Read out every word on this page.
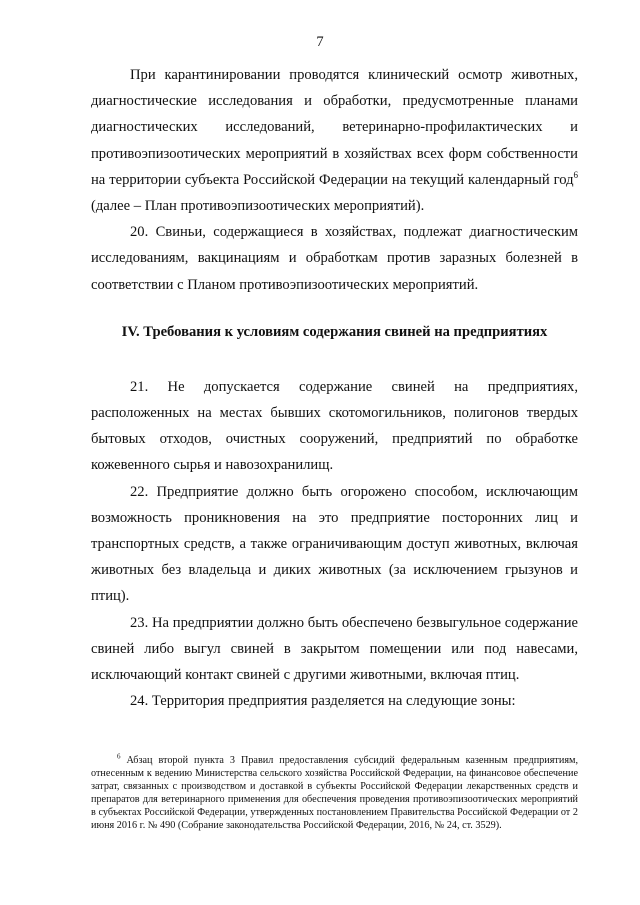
7

При карантинировании проводятся клинический осмотр животных, диагностические исследования и обработки, предусмотренные планами диагностических исследований, ветеринарно-профилактических и противоэпизоотических мероприятий в хозяйствах всех форм собственности на территории субъекта Российской Федерации на текущий календарный год$^6$ (далее – План противоэпизоотических мероприятий).

20. Свиньи, содержащиеся в хозяйствах, подлежат диагностическим исследованиям, вакцинациям и обработкам против заразных болезней в соответствии с Планом противоэпизоотических мероприятий.

IV. Требования к условиям содержания свиней на предприятиях

21. Не допускается содержание свиней на предприятиях, расположенных на местах бывших скотомогильников, полигонов твердых бытовых отходов, очистных сооружений, предприятий по обработке кожевенного сырья и навозохранилищ.

22. Предприятие должно быть огорожено способом, исключающим возможность проникновения на это предприятие посторонних лиц и транспортных средств, а также ограничивающим доступ животных, включая животных без владельца и диких животных (за исключением грызунов и птиц).

23. На предприятии должно быть обеспечено безвыгульное содержание свиней либо выгул свиней в закрытом помещении или под навесами, исключающий контакт свиней с другими животными, включая птиц.

24. Территория предприятия разделяется на следующие зоны:

$^6$ Абзац второй пункта 3 Правил предоставления субсидий федеральным казенным предприятиям, отнесенным к ведению Министерства сельского хозяйства Российской Федерации, на финансовое обеспечение затрат, связанных с производством и доставкой в субъекты Российской Федерации лекарственных средств и препаратов для ветеринарного применения для обеспечения проведения противоэпизоотических мероприятий в субъектах Российской Федерации, утвержденных постановлением Правительства Российской Федерации от 2 июня 2016 г. № 490 (Собрание законодательства Российской Федерации, 2016, № 24, ст. 3529).
